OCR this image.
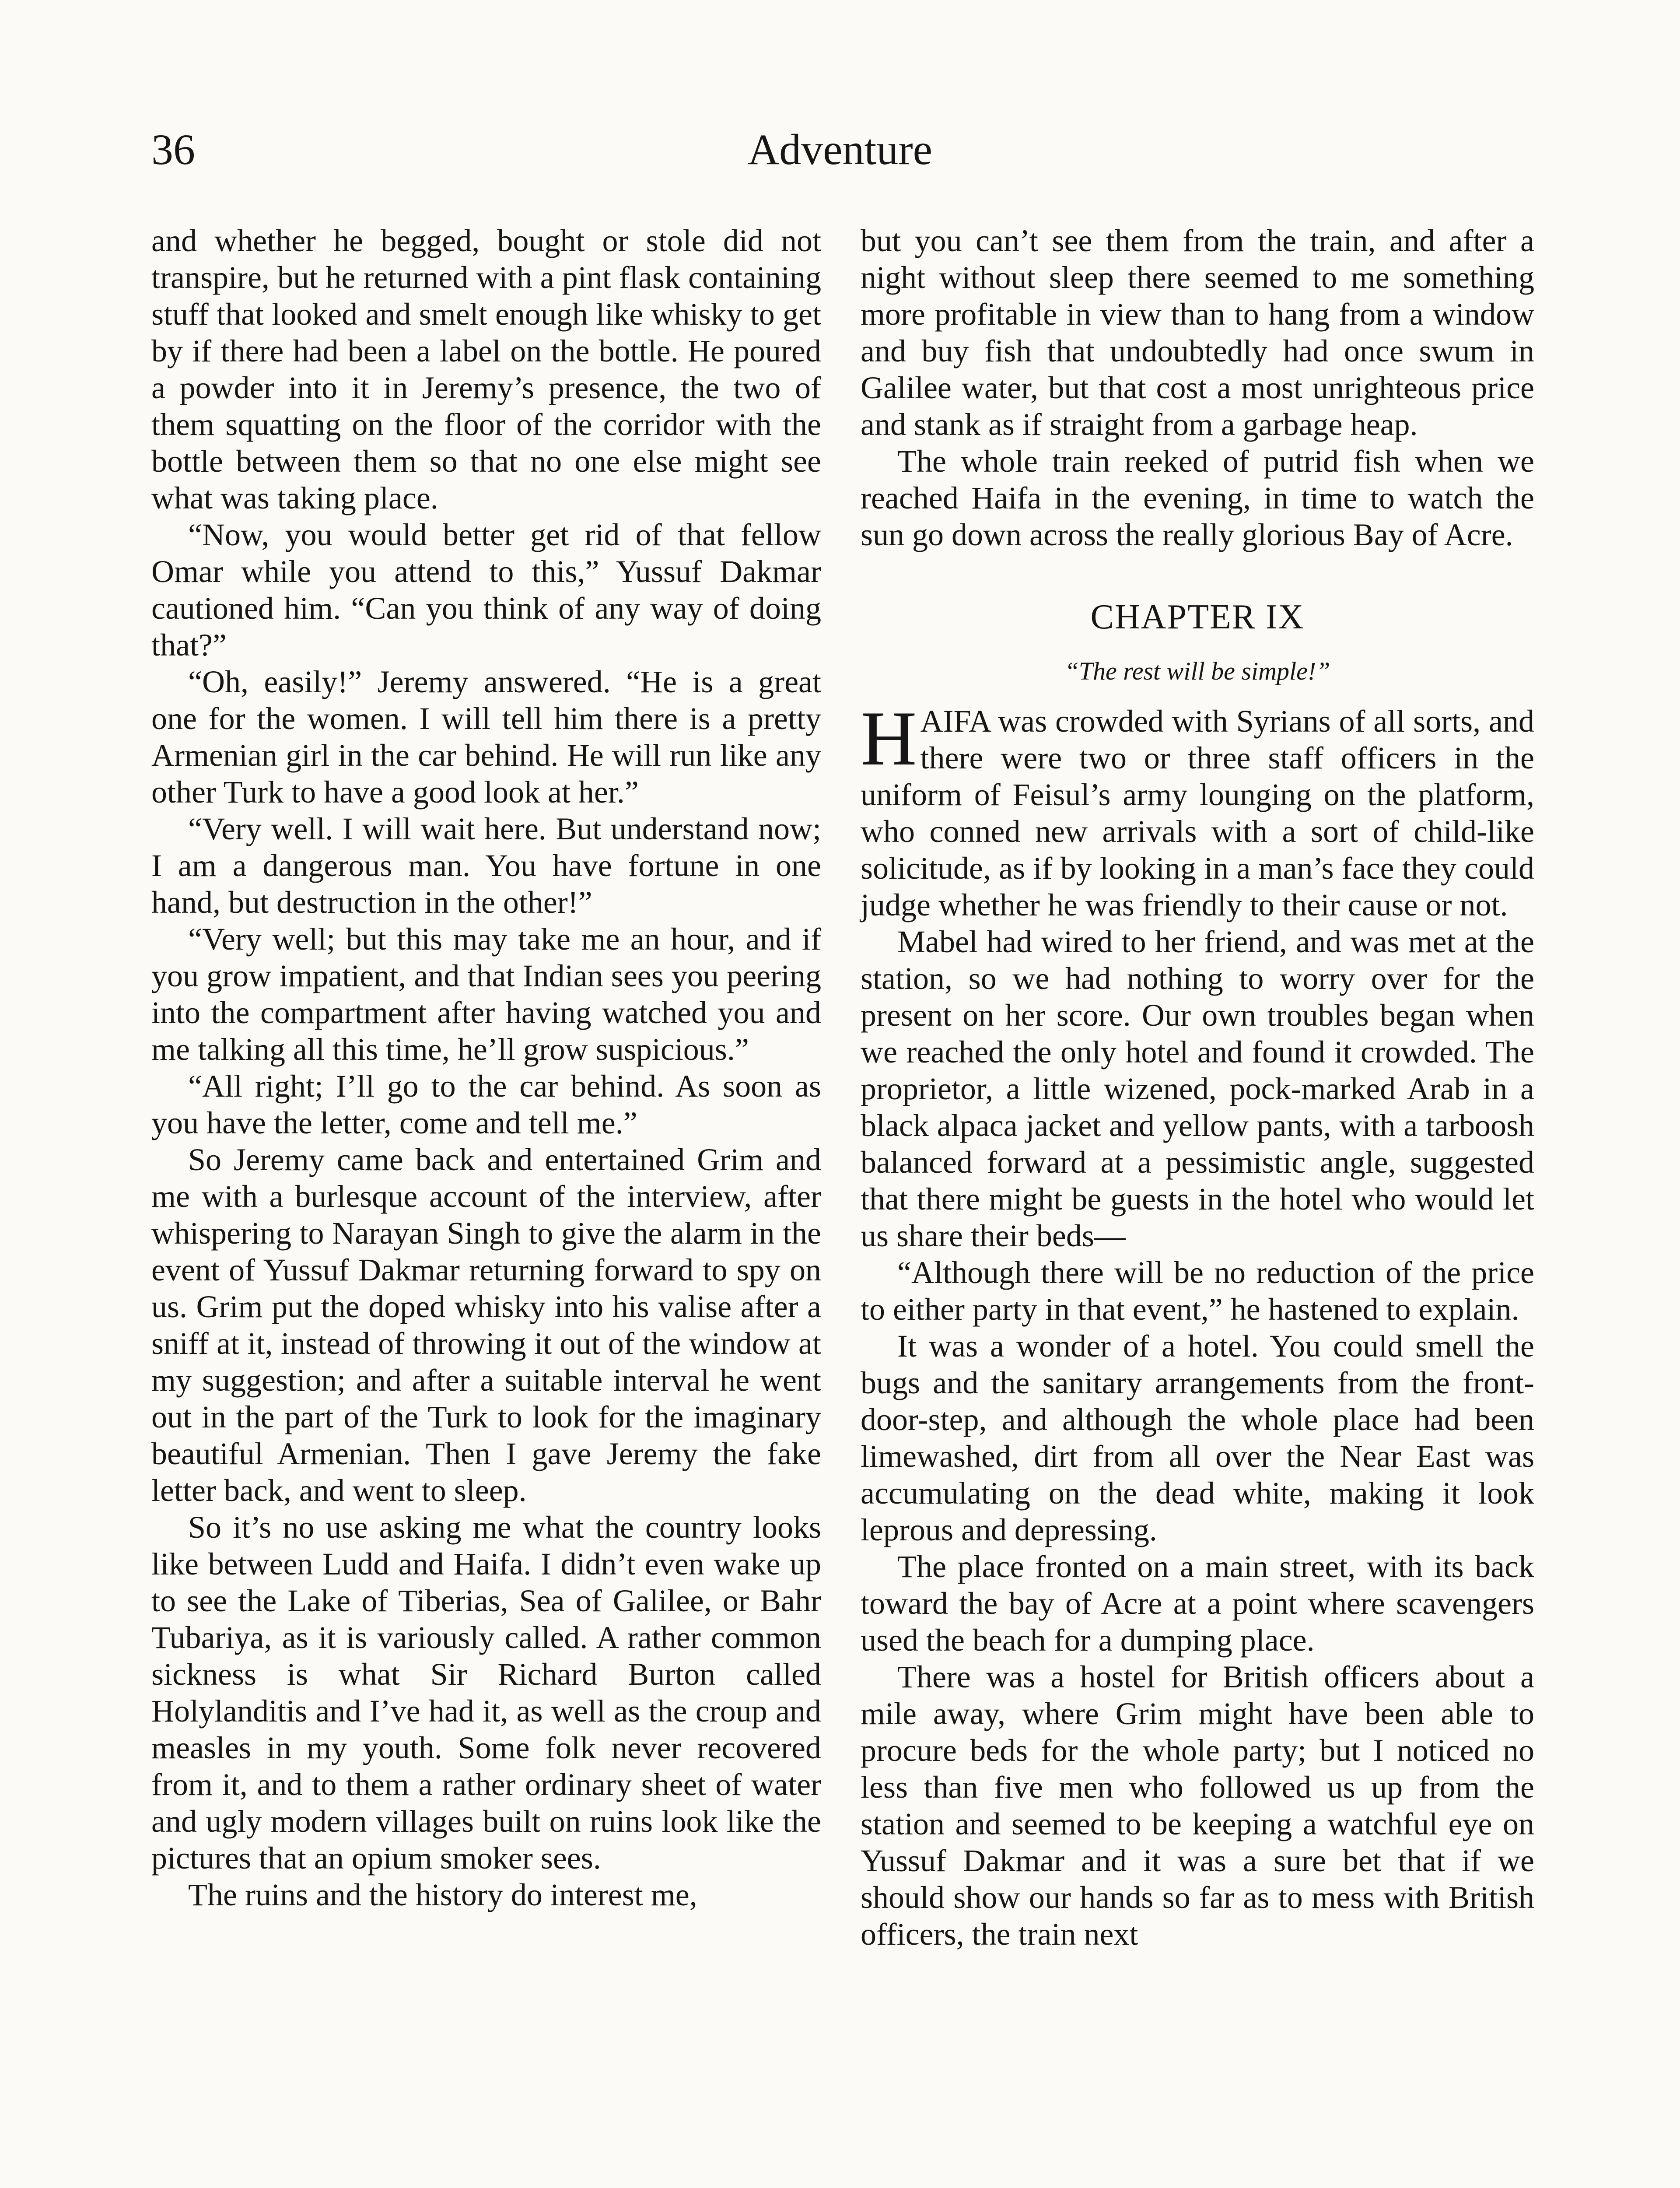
36	Adventure

and whether he begged, bought or stole did not transpire, but he returned with a pint flask containing stuff that looked and smelt enough like whisky to get by if there had been a label on the bottle. He poured a powder into it in Jeremy’s presence, the two of them squatting on the floor of the corridor with the bottle between them so that no one else might see what was taking place.

“Now, you would better get rid of that fellow Omar while you attend to this,” Yussuf Dakmar cautioned him. “Can you think of any way of doing that?”

“Oh, easily!” Jeremy answered. “He is a great one for the women. I will tell him there is a pretty Armenian girl in the car behind. He will run like any other Turk to have a good look at her.”

“Very well. I will wait here. But understand now; I am a dangerous man. You have fortune in one hand, but destruction in the other!”

“Very well; but this may take me an hour, and if you grow impatient, and that Indian sees you peering into the compartment after having watched you and me talking all this time, he’ll grow suspicious.”

“All right; I’ll go to the car behind. As soon as you have the letter, come and tell me.”

So Jeremy came back and entertained Grim and me with a burlesque account of the interview, after whispering to Narayan Singh to give the alarm in the event of Yussuf Dakmar returning forward to spy on us. Grim put the doped whisky into his valise after a sniff at it, instead of throwing it out of the window at my suggestion; and after a suitable interval he went out in the part of the Turk to look for the imaginary beautiful Armenian. Then I gave Jeremy the fake letter back, and went to sleep.

So it’s no use asking me what the country looks like between Ludd and Haifa. I didn’t even wake up to see the Lake of Tiberias, Sea of Galilee, or Bahr Tubariya, as it is variously called. A rather common sickness is what Sir Richard Burton called Holylanditis and I’ve had it, as well as the croup and measles in my youth. Some folk never recovered from it, and to them a rather ordinary sheet of water and ugly modern villages built on ruins look like the pictures that an opium smoker sees.

The ruins and the history do interest me,

but you can’t see them from the train, and after a night without sleep there seemed to me something more profitable in view than to hang from a window and buy fish that undoubtedly had once swum in Galilee water, but that cost a most unrighteous price and stank as if straight from a garbage heap.

The whole train reeked of putrid fish when we reached Haifa in the evening, in time to watch the sun go down across the really glorious Bay of Acre.

CHAPTER IX
“The rest will be simple!”

HAIFA was crowded with Syrians of all sorts, and there were two or three staff officers in the uniform of Feisul’s army lounging on the platform, who conned new arrivals with a sort of child-like solicitude, as if by looking in a man’s face they could judge whether he was friendly to their cause or not.

Mabel had wired to her friend, and was met at the station, so we had nothing to worry over for the present on her score. Our own troubles began when we reached the only hotel and found it crowded. The proprietor, a little wizened, pock-marked Arab in a black alpaca jacket and yellow pants, with a tarboosh balanced forward at a pessimistic angle, suggested that there might be guests in the hotel who would let us share their beds—

“Although there will be no reduction of the price to either party in that event,” he hastened to explain.

It was a wonder of a hotel. You could smell the bugs and the sanitary arrangements from the front-door-step, and although the whole place had been limewashed, dirt from all over the Near East was accumulating on the dead white, making it look leprous and depressing.

The place fronted on a main street, with its back toward the bay of Acre at a point where scavengers used the beach for a dumping place.

There was a hostel for British officers about a mile away, where Grim might have been able to procure beds for the whole party; but I noticed no less than five men who followed us up from the station and seemed to be keeping a watchful eye on Yussuf Dakmar and it was a sure bet that if we should show our hands so far as to mess with British officers, the train next
